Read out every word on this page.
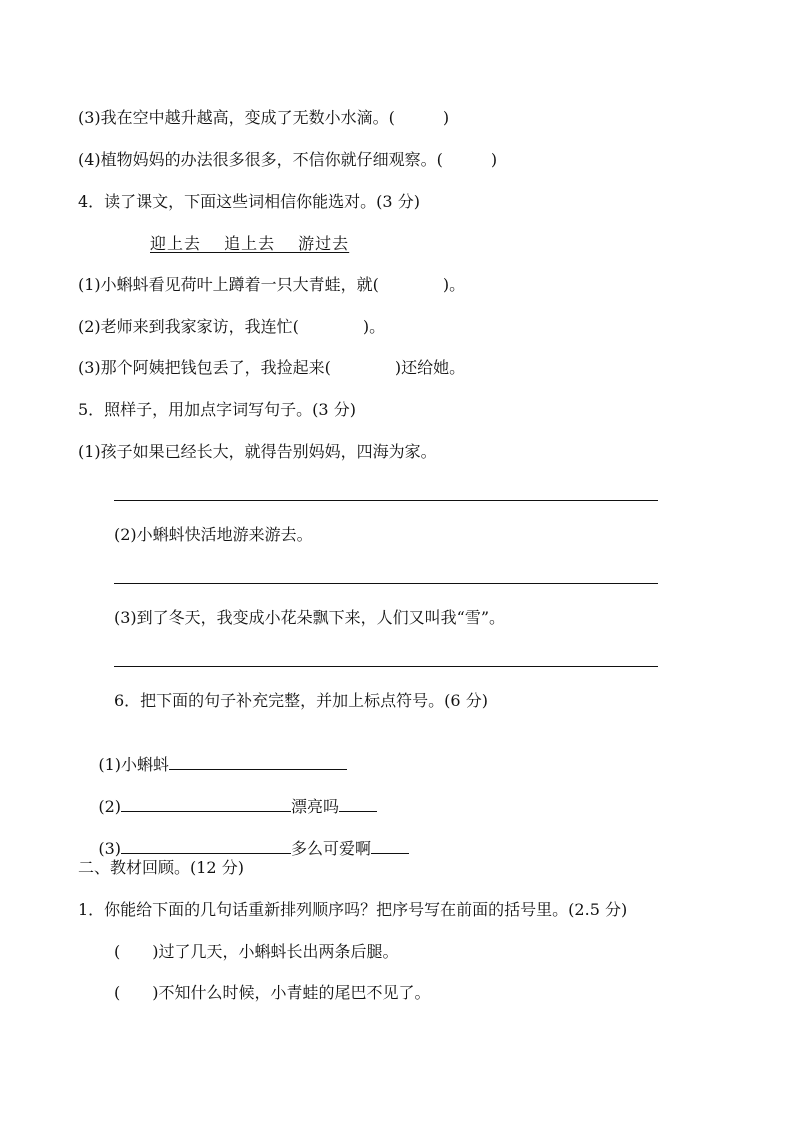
(3)我在空中越升越高，变成了无数小水滴。(　　　)
(4)植物妈妈的办法很多很多，不信你就仔细观察。(　　　)
4．读了课文，下面这些词相信你能选对。(3 分)
迎上去　 追上去　 游过去
(1)小蝌蚪看见荷叶上蹲着一只大青蛙，就(　　　　)。
(2)老师来到我家家访，我连忙(　　　　)。
(3)那个阿姨把钱包丢了，我捡起来(　　　　)还给她。
5．照样子，用加点字词写句子。(3 分)
(1)孩子如果已经长大，就得告别妈妈，四海为家。
(2)小蝌蚪快活地游来游去。
(3)到了冬天，我变成小花朵飘下来，人们又叫我“雪”。
6．把下面的句子补充完整，并加上标点符号。(6 分)

(1)小蝌蚪

(2)	漂亮吗

(3)	多么可爱啊

二、教材回顾。(12 分)
1．你能给下面的几句话重新排列顺序吗？把序号写在前面的括号里。(2.5 分)
(　　)过了几天，小蝌蚪长出两条后腿。
(　　)不知什么时候，小青蛙的尾巴不见了。
